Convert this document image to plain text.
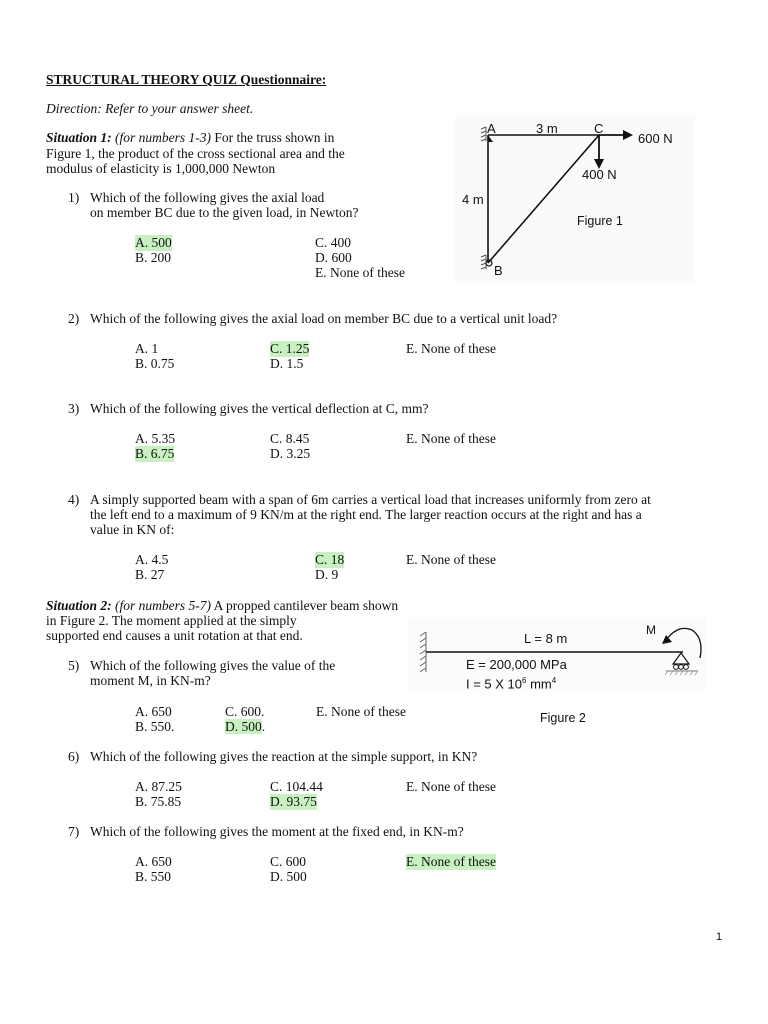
STRUCTURAL THEORY QUIZ Questionnaire:
Direction: Refer to your answer sheet.
Situation 1: (for numbers 1-3) For the truss shown in
Figure 1, the product of the cross sectional area and the
modulus of elasticity is 1,000,000 Newton
A	3 m	C
600 N
400 N
4 m
Figure 1
B
1) Which of the following gives the axial load
on member BC due to the given load, in Newton?
A. 500
B. 200
C. 400
D. 600
E. None of these
2) Which of the following gives the axial load on member BC due to a vertical unit load?
A. 1
B. 0.75
C. 1.25
D. 1.5
E. None of these
3) Which of the following gives the vertical deflection at C, mm?
A. 5.35
B. 6.75
C. 8.45
D. 3.25
E. None of these
4) A simply supported beam with a span of 6m carries a vertical load that increases uniformly from zero at
the left end to a maximum of 9 KN/m at the right end. The larger reaction occurs at the right and has a
value in KN of:
A. 4.5
B. 27
C. 18
D. 9
E. None of these
Situation 2: (for numbers 5-7) A propped cantilever beam shown
in Figure 2. The moment applied at the simply
supported end causes a unit rotation at that end.	M
L = 8 m
E = 200,000 MPa
I = 5 X $10^6$ $mm^4$
Figure 2
5) Which of the following gives the value of the
moment M, in KN-m?
A. 650
B. 550.
C. 600.
D. 500.
E. None of these
6) Which of the following gives the reaction at the simple support, in KN?
A. 87.25
B. 75.85
C. 104.44
D. 93.75
E. None of these
7) Which of the following gives the moment at the fixed end, in KN-m?
A. 650
B. 550
C. 600
D. 500
E. None of these
1
